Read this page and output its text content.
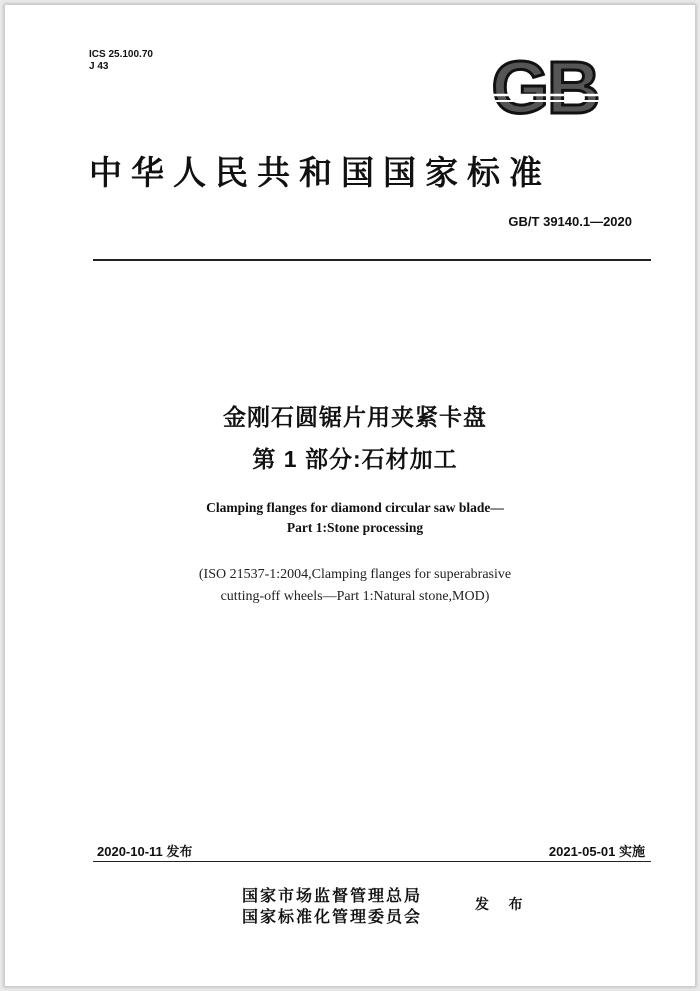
ICS 25.100.70
J 43	GB
中华人民共和国国家标准
GB/T 39140.1—2020
金刚石圆锯片用夹紧卡盘
第 1 部分:石材加工
Clamping flanges for diamond circular saw blade—
Part 1:Stone processing
(ISO 21537-1:2004,Clamping flanges for superabrasive
cutting-off wheels—Part 1:Natural stone,MOD)
2020-10-11 发布	2021-05-01 实施
国家市场监督管理总局
国家标准化管理委员会
发 布
